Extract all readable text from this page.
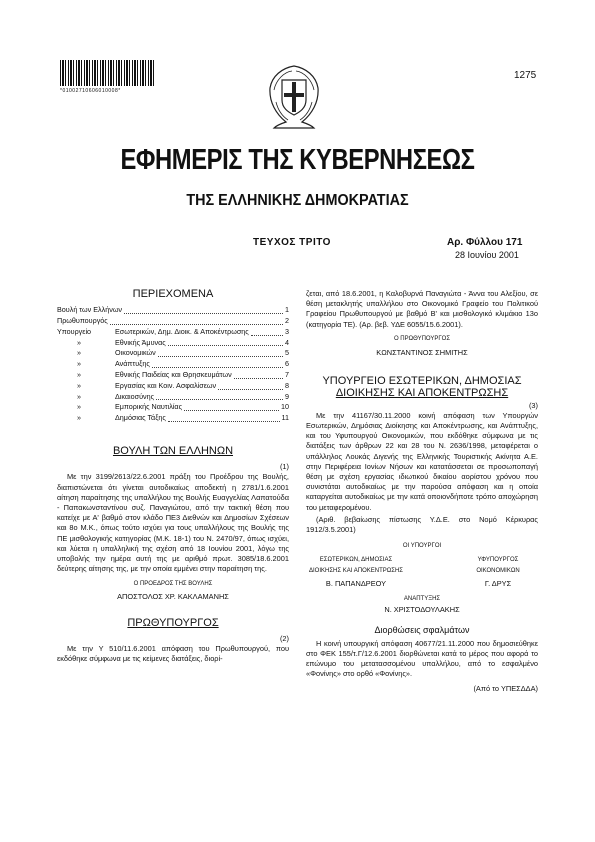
*01002710606010008*
1275
ΕΦΗΜΕΡΙΣ ΤΗΣ ΚΥΒΕΡΝΗΣΕΩΣ
ΤΗΣ ΕΛΛΗΝΙΚΗΣ ΔΗΜΟΚΡΑΤΙΑΣ
ΤΕΥΧΟΣ ΤΡΙΤΟ	Αρ. Φύλλου 171
28 Ιουνίου 2001
ΠΕΡΙΕΧΟΜΕΝΑ
Βουλή των Ελλήνων	1
Πρωθυπουργός	2
Υπουργείο	Εσωτερικών, Δημ. Διοικ. & Αποκέντρωσης	3
»	Εθνικής Άμυνας	4
»	Οικονομικών	5
»	Ανάπτυξης	6
»	Εθνικής Παιδείας και Θρησκευμάτων	7
»	Εργασίας και Κοιν. Ασφαλίσεων	8
»	Δικαιοσύνης	9
»	Εμπορικής Ναυτιλίας	10
»	Δημόσιας Τάξης	11
ΒΟΥΛΗ ΤΩΝ ΕΛΛΗΝΩΝ
(1)
Με την 3199/2613/22.6.2001 πράξη του Προέδρου της Βουλής, διαπιστώνεται ότι γίνεται αυτοδικαίως αποδεκτή η 2781/1.6.2001 αίτηση παραίτησης της υπαλλήλου της Βουλής Ευαγγελίας Λαπατούδα - Παπακωνσταντίνου συζ. Παναγιώτου, από την τακτική θέση που κατείχε με Α' βαθμό στον κλάδο ΠΕ3 Διεθνών και Δημοσίων Σχέσεων και 8ο Μ.Κ., όπως τούτο ισχύει για τους υπαλλήλους της Βουλής της ΠΕ μισθολογικής κατηγορίας (Μ.Κ. 18-1) του Ν. 2470/97, όπως ισχύει, και λύεται η υπαλληλική της σχέση από 18 Ιουνίου 2001, λόγω της υποβολής την ημέρα αυτή της με αριθμό πρωτ. 3085/18.6.2001 δεύτερης αίτησης της, με την οποία εμμένει στην παραίτηση της.
Ο ΠΡΟΕΔΡΟΣ ΤΗΣ ΒΟΥΛΗΣ
ΑΠΟΣΤΟΛΟΣ ΧΡ. ΚΑΚΛΑΜΑΝΗΣ
ΠΡΩΘΥΠΟΥΡΓΟΣ
(2)
Με την Υ 510/11.6.2001 απόφαση του Πρωθυπουργού, που εκδόθηκε σύμφωνα με τις κείμενες διατάξεις, διορί-
ζεται, από 18.6.2001, η Καλοβυρνά Παναγιώτα - Άννα του Αλεξίου, σε θέση μετακλητής υπαλλήλου στο Οικονομικό Γραφείο του Πολιτικού Γραφείου Πρωθυπουργού με βαθμό Β' και μισθολογικό κλιμάκιο 13ο (κατηγορία ΤΕ). (Αρ. βεβ. ΥΔΕ 6055/15.6.2001).
Ο ΠΡΩΘΥΠΟΥΡΓΟΣ
ΚΩΝΣΤΑΝΤΙΝΟΣ ΣΗΜΙΤΗΣ
ΥΠΟΥΡΓΕΙΟ ΕΣΩΤΕΡΙΚΩΝ, ΔΗΜΟΣΙΑΣ
ΔΙΟΙΚΗΣΗΣ ΚΑΙ ΑΠΟΚΕΝΤΡΩΣΗΣ
(3)
Με την 41167/30.11.2000 κοινή απόφαση των Υπουργών Εσωτερικών, Δημόσιας Διοίκησης και Αποκέντρωσης, και Ανάπτυξης, και του Υφυπουργού Οικονομικών, που εκδόθηκε σύμφωνα με τις διατάξεις των άρθρων 22 και 28 του Ν. 2636/1998, μεταφέρεται ο υπάλληλος Λουκάς Διγενής της Ελληνικής Τουριστικής Ακίνητα Α.Ε. στην Περιφέρεια Ιονίων Νήσων και κατατάσσεται σε προσωποπαγή θέση με σχέση εργασίας ιδιωτικού δικαίου αορίστου χρόνου που συνιστάται αυτοδικαίως με την παρούσα απόφαση και η οποία καταργείται αυτοδικαίως με την κατά οποιονδήποτε τρόπο αποχώρηση του μεταφερομένου.
(Αριθ. βεβαίωσης πίστωσης Υ.Δ.Ε. στο Νομό Κέρκυρας 1912/3.5.2001)
ΟΙ ΥΠΟΥΡΓΟΙ
ΕΣΩΤΕΡΙΚΩΝ, ΔΗΜΟΣΙΑΣ ΔΙΟΙΚΗΣΗΣ ΚΑΙ ΑΠΟΚΕΝΤΡΩΣΗΣ
Β. ΠΑΠΑΝΔΡΕΟΥ
ΥΦΥΠΟΥΡΓΟΣ ΟΙΚΟΝΟΜΙΚΩΝ
Γ. ΔΡΥΣ
ΑΝΑΠΤΥΞΗΣ
Ν. ΧΡΙΣΤΟΔΟΥΛΑΚΗΣ
Διορθώσεις σφαλμάτων
Η κοινή υπουργική απόφαση 40677/21.11.2000 που δημοσιεύθηκε στο ΦΕΚ 155/τ.Γ/12.6.2001 διορθώνεται κατά το μέρος που αφορά το επώνυμο του μετατασσομένου υπαλλήλου, από το εσφαλμένο «Φονίνης» στο ορθό «Φονίνης».
(Από το ΥΠΕΣΔΔΑ)
